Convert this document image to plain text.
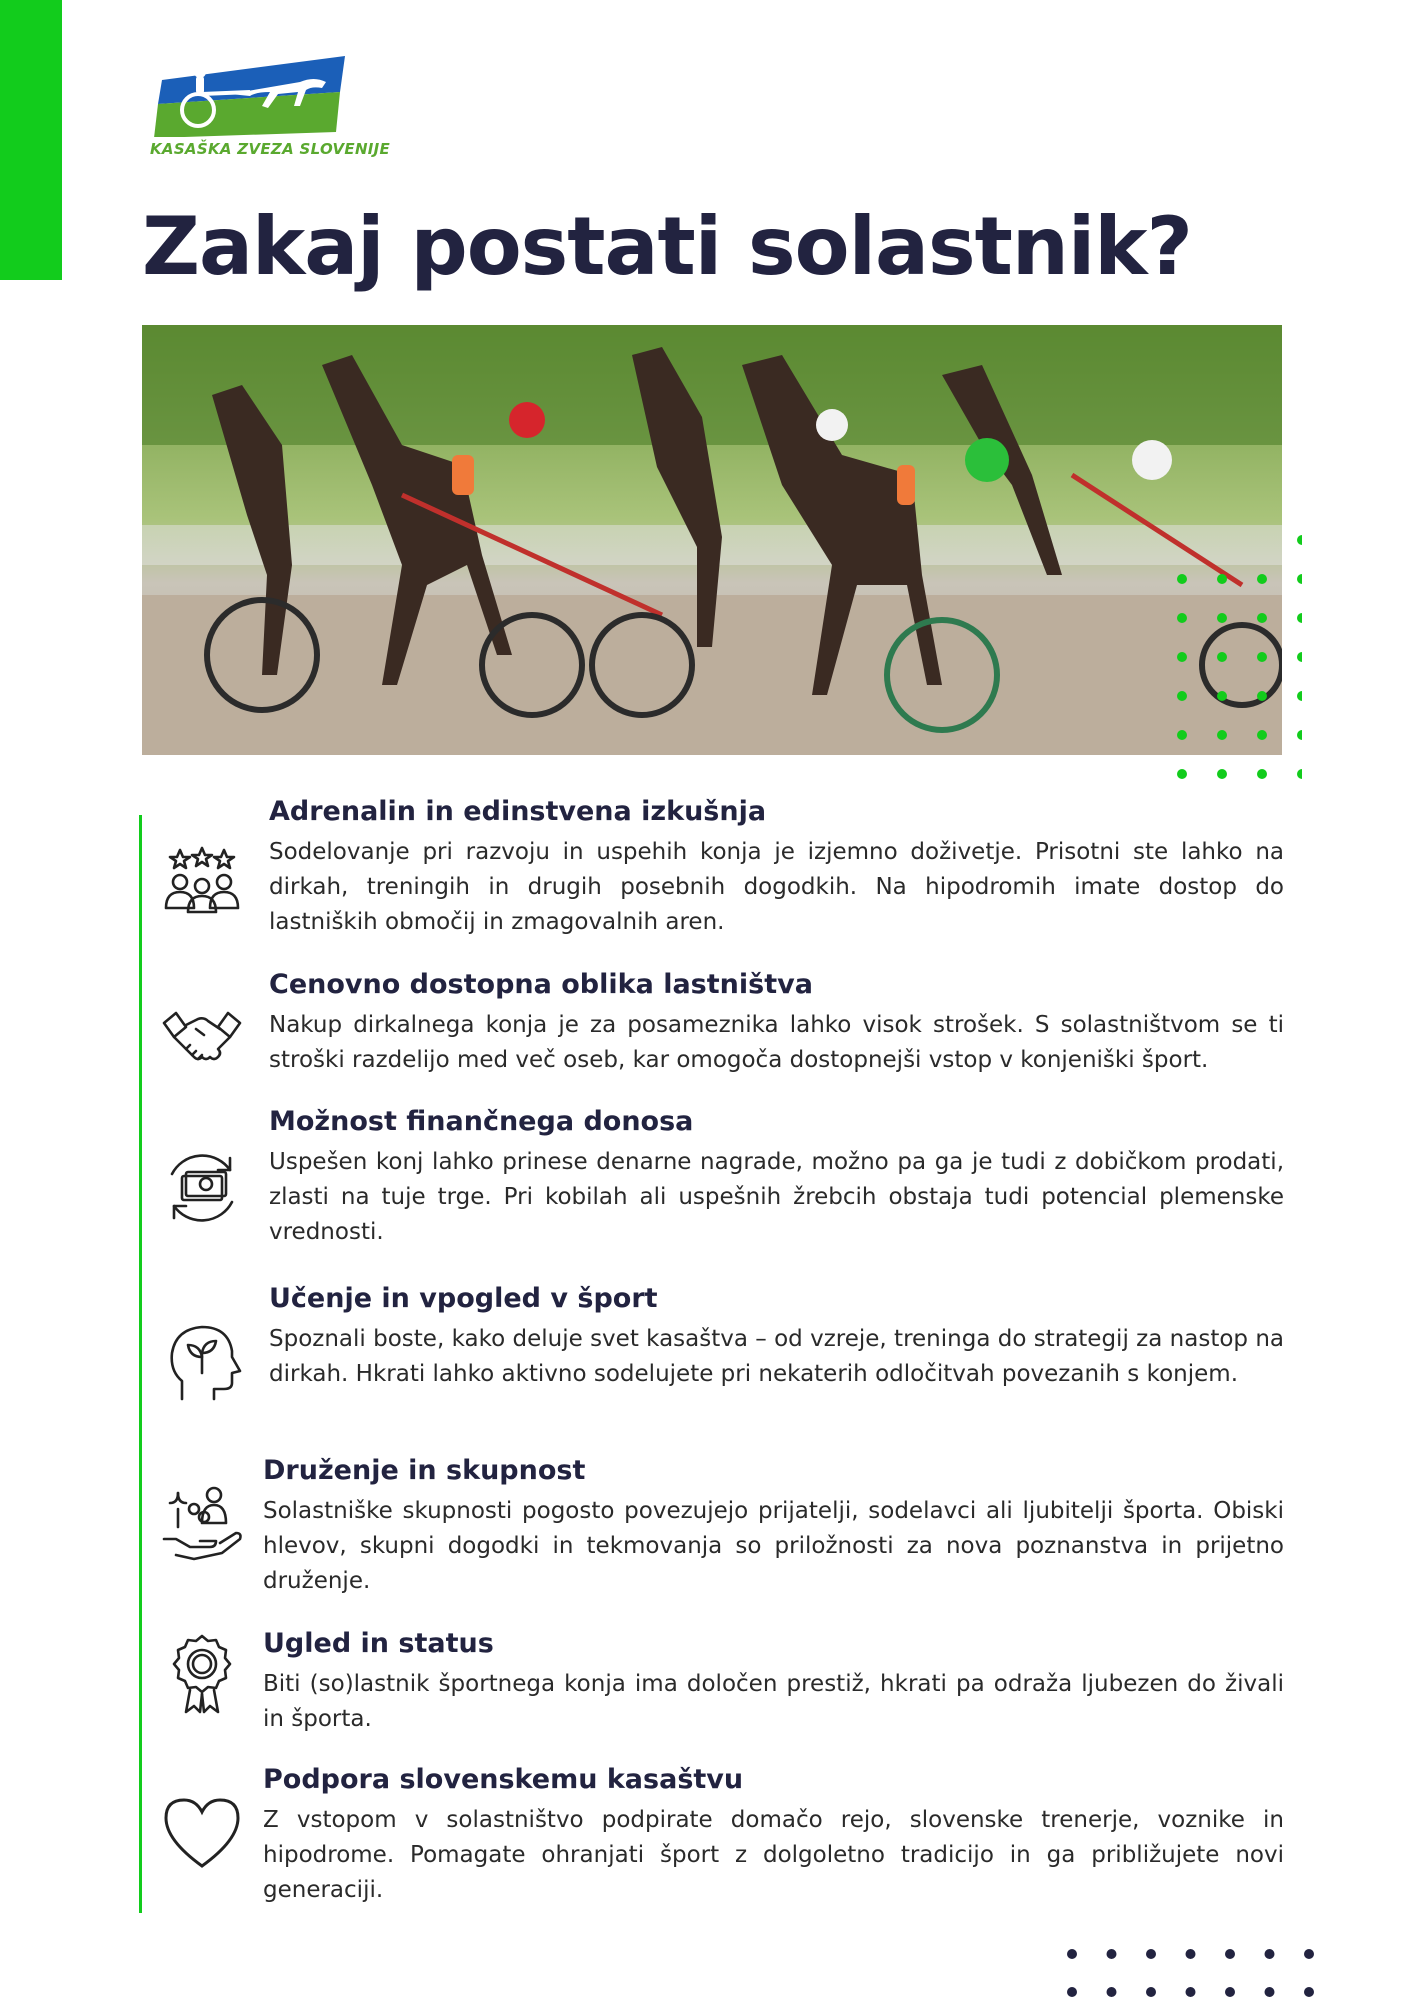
KASAŠKA ZVEZA SLOVENIJE
Zakaj postati solastnik?
Adrenalin in edinstvena izkušnja

Sodelovanje pri razvoju in uspehih konja je izjemno doživetje. Prisotni ste lahko na dirkah, treningih in drugih posebnih dogodkih. Na hipodromih imate dostop do lastniških območij in zmagovalnih aren.

Cenovno dostopna oblika lastništva

Nakup dirkalnega konja je za posameznika lahko visok strošek. S solastništvom se ti stroški razdelijo med več oseb, kar omogoča dostopnejši vstop v konjeniški šport.

Možnost finančnega donosa

Uspešen konj lahko prinese denarne nagrade, možno pa ga je tudi z dobičkom prodati, zlasti na tuje trge. Pri kobilah ali uspešnih žrebcih obstaja tudi potencial plemenske vrednosti.

Učenje in vpogled v šport

Spoznali boste, kako deluje svet kasaštva – od vzreje, treninga do strategij za nastop na dirkah. Hkrati lahko aktivno sodelujete pri nekaterih odločitvah povezanih s konjem.

Druženje in skupnost

Solastniške skupnosti pogosto povezujejo prijatelji, sodelavci ali ljubitelji športa. Obiski hlevov, skupni dogodki in tekmovanja so priložnosti za nova poznanstva in prijetno druženje.

Ugled in status

Biti (so)lastnik športnega konja ima določen prestiž, hkrati pa odraža ljubezen do živali in športa.

Podpora slovenskemu kasaštvu

Z vstopom v solastništvo podpirate domačo rejo, slovenske trenerje, voznike in hipodrome. Pomagate ohranjati šport z dolgoletno tradicijo in ga približujete novi generaciji.
